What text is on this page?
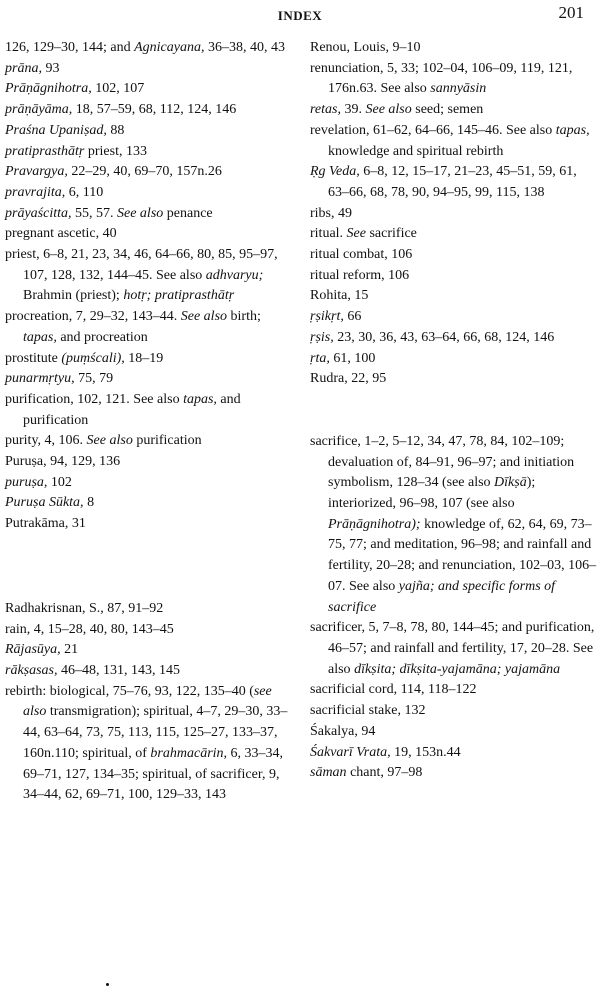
INDEX	201
126, 129–30, 144; and Agnicayana, 36–38, 40, 43
prāna, 93
Prāṇāgnihotra, 102, 107
prāṇāyāma, 18, 57–59, 68, 112, 124, 146
Praśna Upaniṣad, 88
pratiprasthātṛ priest, 133
Pravargya, 22–29, 40, 69–70, 157n.26
pravrajita, 6, 110
prāyaścitta, 55, 57. See also penance
pregnant ascetic, 40
priest, 6–8, 21, 23, 34, 46, 64–66, 80, 85, 95–97, 107, 128, 132, 144–45. See also adhvaryu; Brahmin (priest); hotṛ; pratiprasthātṛ
procreation, 7, 29–32, 143–44. See also birth; tapas, and procreation
prostitute (puṃścali), 18–19
punarmṛtyu, 75, 79
purification, 102, 121. See also tapas, and purification
purity, 4, 106. See also purification
Puruṣa, 94, 129, 136
puruṣa, 102
Puruṣa Sūkta, 8
Putrakāma, 31
Radhakrisnan, S., 87, 91–92
rain, 4, 15–28, 40, 80, 143–45
Rājasūya, 21
rākṣasas, 46–48, 131, 143, 145
rebirth: biological, 75–76, 93, 122, 135–40 (see also transmigration); spiritual, 4–7, 29–30, 33–44, 63–64, 73, 75, 113, 115, 125–27, 133–37, 160n.110; spiritual, of brahmacārin, 6, 33–34, 69–71, 127, 134–35; spiritual, of sacrificer, 9, 34–44, 62, 69–71, 100, 129–33, 143
Renou, Louis, 9–10
renunciation, 5, 33; 102–04, 106–09, 119, 121, 176n.63. See also sannyāsin
retas, 39. See also seed; semen
revelation, 61–62, 64–66, 145–46. See also tapas, knowledge and spiritual rebirth
Ṛg Veda, 6–8, 12, 15–17, 21–23, 45–51, 59, 61, 63–66, 68, 78, 90, 94–95, 99, 115, 138
ribs, 49
ritual. See sacrifice
ritual combat, 106
ritual reform, 106
Rohita, 15
ṛṣikṛt, 66
ṛṣis, 23, 30, 36, 43, 63–64, 66, 68, 124, 146
ṛta, 61, 100
Rudra, 22, 95
sacrifice, 1–2, 5–12, 34, 47, 78, 84, 102–109; devaluation of, 84–91, 96–97; and initiation symbolism, 128–34 (see also Dīkṣā); interiorized, 96–98, 107 (see also Prāṇāgnihotra); knowledge of, 62, 64, 69, 73–75, 77; and meditation, 96–98; and rainfall and fertility, 20–28; and renunciation, 102–03, 106–07. See also yajña; and specific forms of sacrifice
sacrificer, 5, 7–8, 78, 80, 144–45; and purification, 46–57; and rainfall and fertility, 17, 20–28. See also dīkṣita; dīkṣita-yajamāna; yajamāna
sacrificial cord, 114, 118–122
sacrificial stake, 132
Śakalya, 94
Śakvarī Vrata, 19, 153n.44
sāman chant, 97–98
